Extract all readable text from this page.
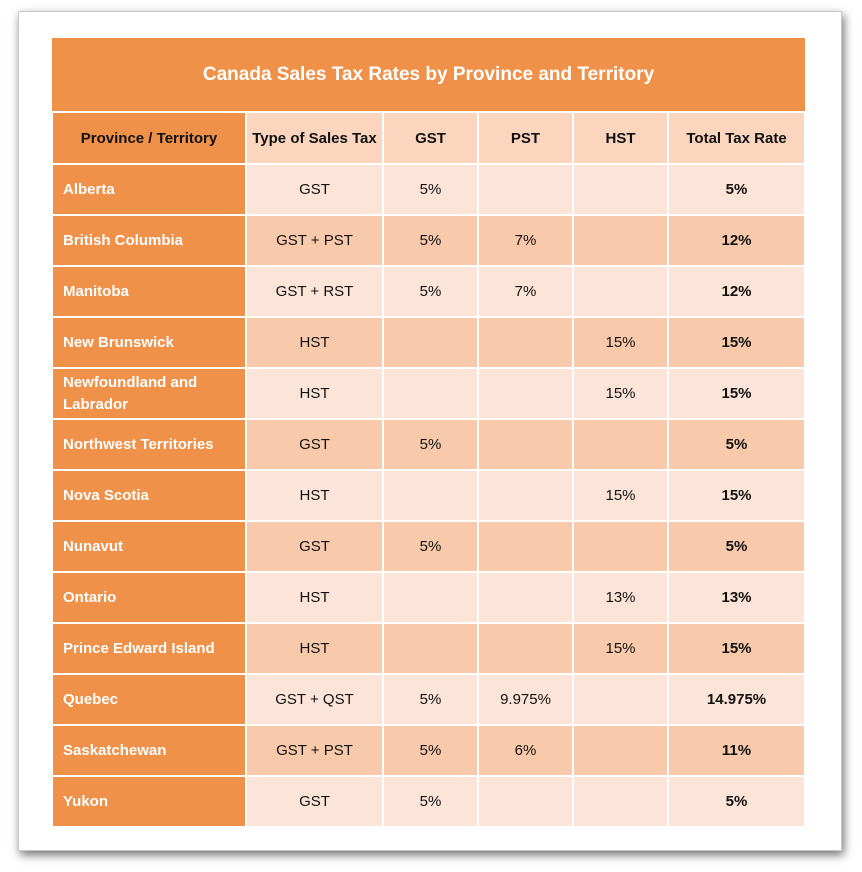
Canada Sales Tax Rates by Province and Territory					
Province / Territory	Type of Sales Tax	GST	PST	HST	Total Tax Rate
Alberta	GST	5%			5%
British Columbia	GST + PST	5%	7%		12%
Manitoba	GST + RST	5%	7%		12%
New Brunswick	HST			15%	15%
Newfoundland and Labrador	HST			15%	15%
Northwest Territories	GST	5%			5%
Nova Scotia	HST			15%	15%
Nunavut	GST	5%			5%
Ontario	HST			13%	13%
Prince Edward Island	HST			15%	15%
Quebec	GST + QST	5%	9.975%		14.975%
Saskatchewan	GST + PST	5%	6%		11%
Yukon	GST	5%			5%
